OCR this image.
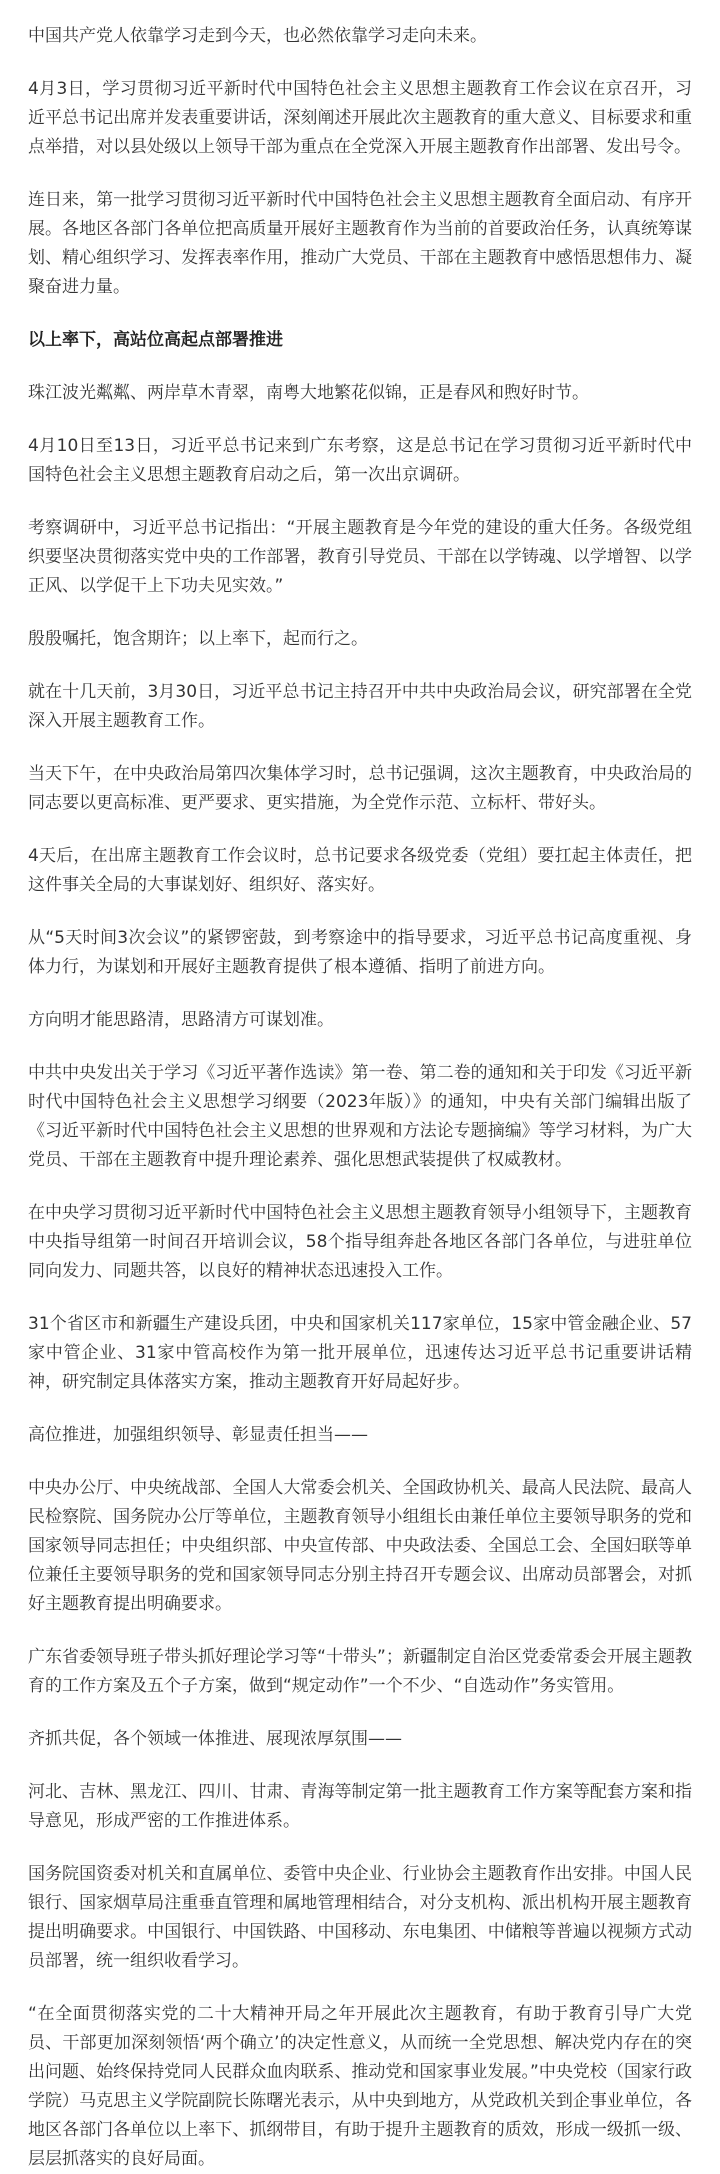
中国共产党人依靠学习走到今天，也必然依靠学习走向未来。

4月3日，学习贯彻习近平新时代中国特色社会主义思想主题教育工作会议在京召开，习近平总书记出席并发表重要讲话，深刻阐述开展此次主题教育的重大意义、目标要求和重点举措，对以县处级以上领导干部为重点在全党深入开展主题教育作出部署、发出号令。

连日来，第一批学习贯彻习近平新时代中国特色社会主义思想主题教育全面启动、有序开展。各地区各部门各单位把高质量开展好主题教育作为当前的首要政治任务，认真统筹谋划、精心组织学习、发挥表率作用，推动广大党员、干部在主题教育中感悟思想伟力、凝聚奋进力量。

以上率下，高站位高起点部署推进

珠江波光粼粼、两岸草木青翠，南粤大地繁花似锦，正是春风和煦好时节。

4月10日至13日，习近平总书记来到广东考察，这是总书记在学习贯彻习近平新时代中国特色社会主义思想主题教育启动之后，第一次出京调研。

考察调研中，习近平总书记指出：“开展主题教育是今年党的建设的重大任务。各级党组织要坚决贯彻落实党中央的工作部署，教育引导党员、干部在以学铸魂、以学增智、以学正风、以学促干上下功夫见实效。”

殷殷嘱托，饱含期许；以上率下，起而行之。

就在十几天前，3月30日，习近平总书记主持召开中共中央政治局会议，研究部署在全党深入开展主题教育工作。

当天下午，在中央政治局第四次集体学习时，总书记强调，这次主题教育，中央政治局的同志要以更高标准、更严要求、更实措施，为全党作示范、立标杆、带好头。

4天后，在出席主题教育工作会议时，总书记要求各级党委（党组）要扛起主体责任，把这件事关全局的大事谋划好、组织好、落实好。

从“5天时间3次会议”的紧锣密鼓，到考察途中的指导要求，习近平总书记高度重视、身体力行，为谋划和开展好主题教育提供了根本遵循、指明了前进方向。

方向明才能思路清，思路清方可谋划准。

中共中央发出关于学习《习近平著作选读》第一卷、第二卷的通知和关于印发《习近平新时代中国特色社会主义思想学习纲要（2023年版）》的通知，中央有关部门编辑出版了《习近平新时代中国特色社会主义思想的世界观和方法论专题摘编》等学习材料，为广大党员、干部在主题教育中提升理论素养、强化思想武装提供了权威教材。

在中央学习贯彻习近平新时代中国特色社会主义思想主题教育领导小组领导下，主题教育中央指导组第一时间召开培训会议，58个指导组奔赴各地区各部门各单位，与进驻单位同向发力、同题共答，以良好的精神状态迅速投入工作。

31个省区市和新疆生产建设兵团，中央和国家机关117家单位，15家中管金融企业、57家中管企业、31家中管高校作为第一批开展单位，迅速传达习近平总书记重要讲话精神，研究制定具体落实方案，推动主题教育开好局起好步。

高位推进，加强组织领导、彰显责任担当——

中央办公厅、中央统战部、全国人大常委会机关、全国政协机关、最高人民法院、最高人民检察院、国务院办公厅等单位，主题教育领导小组组长由兼任单位主要领导职务的党和国家领导同志担任；中央组织部、中央宣传部、中央政法委、全国总工会、全国妇联等单位兼任主要领导职务的党和国家领导同志分别主持召开专题会议、出席动员部署会，对抓好主题教育提出明确要求。

广东省委领导班子带头抓好理论学习等“十带头”；新疆制定自治区党委常委会开展主题教育的工作方案及五个子方案，做到“规定动作”一个不少、“自选动作”务实管用。

齐抓共促，各个领域一体推进、展现浓厚氛围——

河北、吉林、黑龙江、四川、甘肃、青海等制定第一批主题教育工作方案等配套方案和指导意见，形成严密的工作推进体系。

国务院国资委对机关和直属单位、委管中央企业、行业协会主题教育作出安排。中国人民银行、国家烟草局注重垂直管理和属地管理相结合，对分支机构、派出机构开展主题教育提出明确要求。中国银行、中国铁路、中国移动、东电集团、中储粮等普遍以视频方式动员部署，统一组织收看学习。

“在全面贯彻落实党的二十大精神开局之年开展此次主题教育，有助于教育引导广大党员、干部更加深刻领悟‘两个确立’的决定性意义，从而统一全党思想、解决党内存在的突出问题、始终保持党同人民群众血肉联系、推动党和国家事业发展。”中央党校（国家行政学院）马克思主义学院副院长陈曙光表示，从中央到地方，从党政机关到企事业单位，各地区各部门各单位以上率下、抓纲带目，有助于提升主题教育的质效，形成一级抓一级、层层抓落实的良好局面。
